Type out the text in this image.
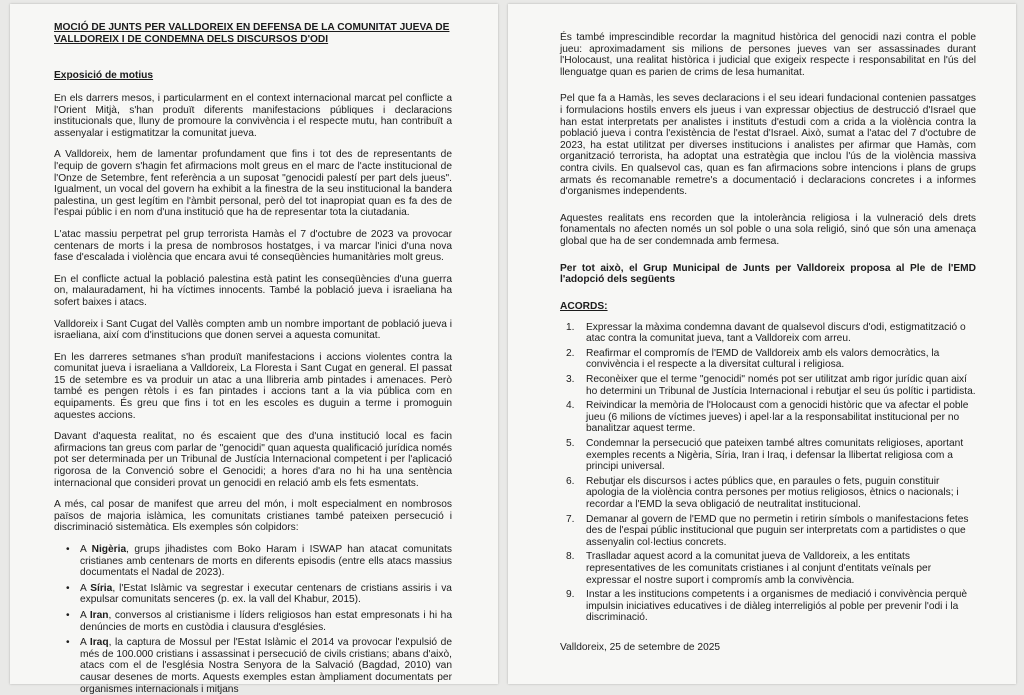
MOCIÓ DE JUNTS PER VALLDOREIX EN DEFENSA DE LA COMUNITAT JUEVA DE VALLDOREIX I DE CONDEMNA DELS DISCURSOS D'ODI
Exposició de motius

En els darrers mesos, i particularment en el context internacional marcat pel conflicte a l'Orient Mitjà, s'han produït diferents manifestacions públiques i declaracions institucionals que, lluny de promoure la convivència i el respecte mutu, han contribuït a assenyalar i estigmatitzar la comunitat jueva.

A Valldoreix, hem de lamentar profundament que fins i tot des de representants de l'equip de govern s'hagin fet afirmacions molt greus en el marc de l'acte institucional de l'Onze de Setembre, fent referència a un suposat "genocidi palestí per part dels jueus". Igualment, un vocal del govern ha exhibit a la finestra de la seu institucional la bandera palestina, un gest legítim en l'àmbit personal, però del tot inapropiat quan es fa des de l'espai públic i en nom d'una institució que ha de representar tota la ciutadania.

L'atac massiu perpetrat pel grup terrorista Hamàs el 7 d'octubre de 2023 va provocar centenars de morts i la presa de nombrosos hostatges, i va marcar l'inici d'una nova fase d'escalada i violència que encara avui té conseqüències humanitàries molt greus.

En el conflicte actual la població palestina està patint les conseqüències d'una guerra on, malauradament, hi ha víctimes innocents. També la població jueva i israeliana ha sofert baixes i atacs.

Valldoreix i Sant Cugat del Vallès compten amb un nombre important de població jueva i israeliana, així com d'institucions que donen servei a aquesta comunitat.

En les darreres setmanes s'han produït manifestacions i accions violentes contra la comunitat jueva i israeliana a Valldoreix, La Floresta i Sant Cugat en general. El passat 15 de setembre es va produir un atac a una llibreria amb pintades i amenaces. Però també es pengen rètols i es fan pintades i accions tant a la via pública com en equipaments. És greu que fins i tot en les escoles es duguin a terme i promoguin aquestes accions.

Davant d'aquesta realitat, no és escaient que des d'una institució local es facin afirmacions tan greus com parlar de "genocidi" quan aquesta qualificació jurídica només pot ser determinada per un Tribunal de Justícia Internacional competent i per l'aplicació rigorosa de la Convenció sobre el Genocidi; a hores d'ara no hi ha una sentència internacional que consideri provat un genocidi en relació amb els fets esmentats.

A més, cal posar de manifest que arreu del món, i molt especialment en nombrosos països de majoria islàmica, les comunitats cristianes també pateixen persecució i discriminació sistemàtica. Els exemples són colpidors:

• A Nigèria, grups jihadistes com Boko Haram i ISWAP han atacat comunitats cristianes amb centenars de morts en diferents episodis (entre ells atacs massius documentats el Nadal de 2023).
• A Síria, l'Estat Islàmic va segrestar i executar centenars de cristians assiris i va expulsar comunitats senceres (p. ex. la vall del Khabur, 2015).
• A Iran, conversos al cristianisme i líders religiosos han estat empresonats i hi ha denúncies de morts en custòdia i clausura d'esglésies.
• A Iraq, la captura de Mossul per l'Estat Islàmic el 2014 va provocar l'expulsió de més de 100.000 cristians i assassinat i persecució de civils cristians; abans d'això, atacs com el de l'església Nostra Senyora de la Salvació (Bagdad, 2010) van causar desenes de morts. Aquests exemples estan àmpliament documentats per organismes internacionals i mitjans

És també imprescindible recordar la magnitud històrica del genocidi nazi contra el poble jueu: aproximadament sis milions de persones jueves van ser assassinades durant l'Holocaust, una realitat històrica i judicial que exigeix respecte i responsabilitat en l'ús del llenguatge quan es parien de crims de lesa humanitat.

Pel que fa a Hamàs, les seves declaracions i el seu ideari fundacional contenien passatges i formulacions hostils envers els jueus i van expressar objectius de destrucció d'Israel que han estat interpretats per analistes i instituts d'estudi com a crida a la violència contra la població jueva i contra l'existència de l'estat d'Israel. Això, sumat a l'atac del 7 d'octubre de 2023, ha estat utilitzat per diverses institucions i analistes per afirmar que Hamàs, com organització terrorista, ha adoptat una estratègia que inclou l'ús de la violència massiva contra civils. En qualsevol cas, quan es fan afirmacions sobre intencions i plans de grups armats és recomanable remetre's a documentació i declaracions concretes i a informes d'organismes independents.

Aquestes realitats ens recorden que la intolerància religiosa i la vulneració dels drets fonamentals no afecten només un sol poble o una sola religió, sinó que són una amenaça global que ha de ser condemnada amb fermesa.

Per tot això, el Grup Municipal de Junts per Valldoreix proposa al Ple de l'EMD l'adopció dels següents

ACORDS:
1. Expressar la màxima condemna davant de qualsevol discurs d'odi, estigmatització o atac contra la comunitat jueva, tant a Valldoreix com arreu.
2. Reafirmar el compromís de l'EMD de Valldoreix amb els valors democràtics, la convivència i el respecte a la diversitat cultural i religiosa.
3. Reconèixer que el terme "genocidi" només pot ser utilitzat amb rigor jurídic quan així ho determini un Tribunal de Justícia Internacional i rebutjar el seu ús polític i partidista.
4. Reivindicar la memòria de l'Holocaust com a genocidi històric que va afectar el poble jueu (6 milions de víctimes jueves) i apel·lar a la responsabilitat institucional per no banalitzar aquest terme.
5. Condemnar la persecució que pateixen també altres comunitats religioses, aportant exemples recents a Nigèria, Síria, Iran i Iraq, i defensar la llibertat religiosa com a principi universal.
6. Rebutjar els discursos i actes públics que, en paraules o fets, puguin constituir apologia de la violència contra persones per motius religiosos, ètnics o nacionals; i recordar a l'EMD la seva obligació de neutralitat institucional.
7. Demanar al govern de l'EMD que no permetin i retirin símbols o manifestacions fetes des de l'espai públic institucional que puguin ser interpretats com a partidistes o que assenyalin col·lectius concrets.
8. Traslladar aquest acord a la comunitat jueva de Valldoreix, a les entitats representatives de les comunitats cristianes i al conjunt d'entitats veïnals per expressar el nostre suport i compromís amb la convivència.
9. Instar a les institucions competents i a organismes de mediació i convivència perquè impulsin iniciatives educatives i de diàleg interreligiós al poble per prevenir l'odi i la discriminació.
Valldoreix, 25 de setembre de 2025
